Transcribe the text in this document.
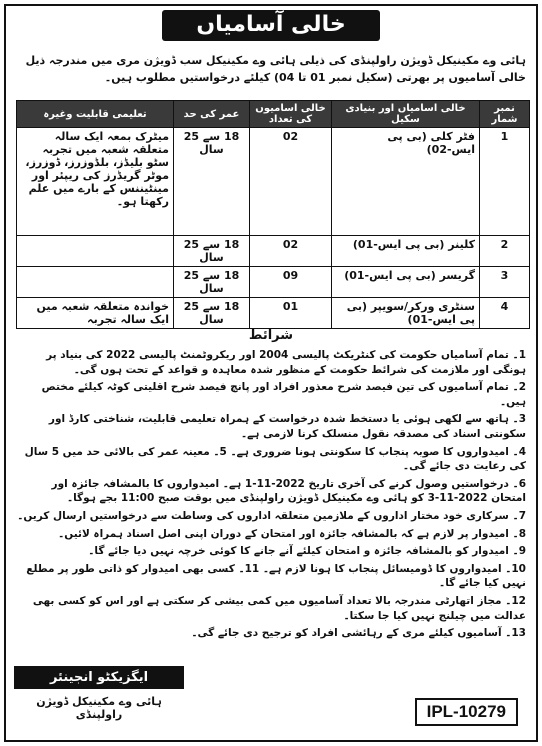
خالی آسامیاں
ہائی وے مکینیکل ڈویژن راولپنڈی کی ذیلی ہائی وے مکینیکل سب ڈویژن مری میں مندرجہ ذیل خالی آسامیوں پر بھرتی (سکیل نمبر 01 تا 04) کیلئے درخواستیں مطلوب ہیں۔
نمبر شمار	خالی اسامیاں اور بنیادی سکیل	خالی اسامیوں کی تعداد	عمر کی حد	تعلیمی قابلیت وغیرہ
1	فٹر کلی (بی پی ایس-02)	02	18 سے 25 سال	میٹرک بمعہ ایک سالہ متعلقہ شعبہ میں تجربہ سٹو بلیڈز، بلڈوزرز، ڈوزرز، موٹر گریڈرز کی ریپئر اور مینٹیننس کے بارے میں علم رکھتا ہو۔
2	کلینر (بی پی ایس-01)	02	18 سے 25 سال	
3	گریسر (بی پی ایس-01)	09	18 سے 25 سال	
4	سنٹری ورکر/سویپر (بی پی ایس-01)	01	18 سے 25 سال	خواندہ متعلقہ شعبہ میں ایک سالہ تجربہ
شرائط

1۔ تمام آسامیاں حکومت کی کنٹریکٹ پالیسی 2004 اور ریکروٹمنٹ پالیسی 2022 کی بنیاد پر ہونگی اور ملازمت کی شرائط حکومت کے منظور شدہ معاہدہ و قواعد کے تحت ہوں گی۔

2۔ تمام آسامیوں کی تین فیصد شرح معذور افراد اور پانچ فیصد شرح اقلیتی کوٹہ کیلئے مختص ہیں۔

3۔ ہاتھ سے لکھی ہوئی یا دستخط شدہ درخواست کے ہمراہ تعلیمی قابلیت، شناختی کارڈ اور سکونتی اسناد کی مصدقہ نقول منسلک کرنا لازمی ہے۔

4۔ امیدواروں کا صوبہ پنجاب کا سکونتی ہونا ضروری ہے۔ 5۔ معینہ عمر کی بالائی حد میں 5 سال کی رعایت دی جائے گی۔

6۔ درخواستیں وصول کرنے کی آخری تاریخ 2022-11-1 ہے۔ امیدواروں کا بالمشافہ جائزہ اور امتحان 2022-11-3 کو ہائی وے مکینیکل ڈویژن راولپنڈی میں بوقت صبح 11:00 بجے ہوگا۔

7۔ سرکاری خود مختار اداروں کے ملازمین متعلقہ اداروں کی وساطت سے درخواستیں ارسال کریں۔

8۔ امیدوار پر لازم ہے کہ بالمشافہ جائزہ اور امتحان کے دوران اپنی اصل اسناد ہمراہ لائیں۔

9۔ امیدوار کو بالمشافہ جائزہ و امتحان کیلئے آنے جانے کا کوئی خرچہ نہیں دیا جائے گا۔

10۔ امیدواروں کا ڈومیسائل پنجاب کا ہونا لازم ہے۔ 11۔ کسی بھی امیدوار کو ذاتی طور پر مطلع نہیں کیا جائے گا۔

12۔ مجاز اتھارٹی مندرجہ بالا تعداد آسامیوں میں کمی بیشی کر سکتی ہے اور اس کو کسی بھی عدالت میں چیلنج نہیں کیا جا سکتا۔

13۔ آسامیوں کیلئے مری کے رہائشی افراد کو ترجیح دی جائے گی۔

ایگزیکٹو انجینئر
ہائی وے مکینیکل ڈویژن راولپنڈی	IPL-10279
